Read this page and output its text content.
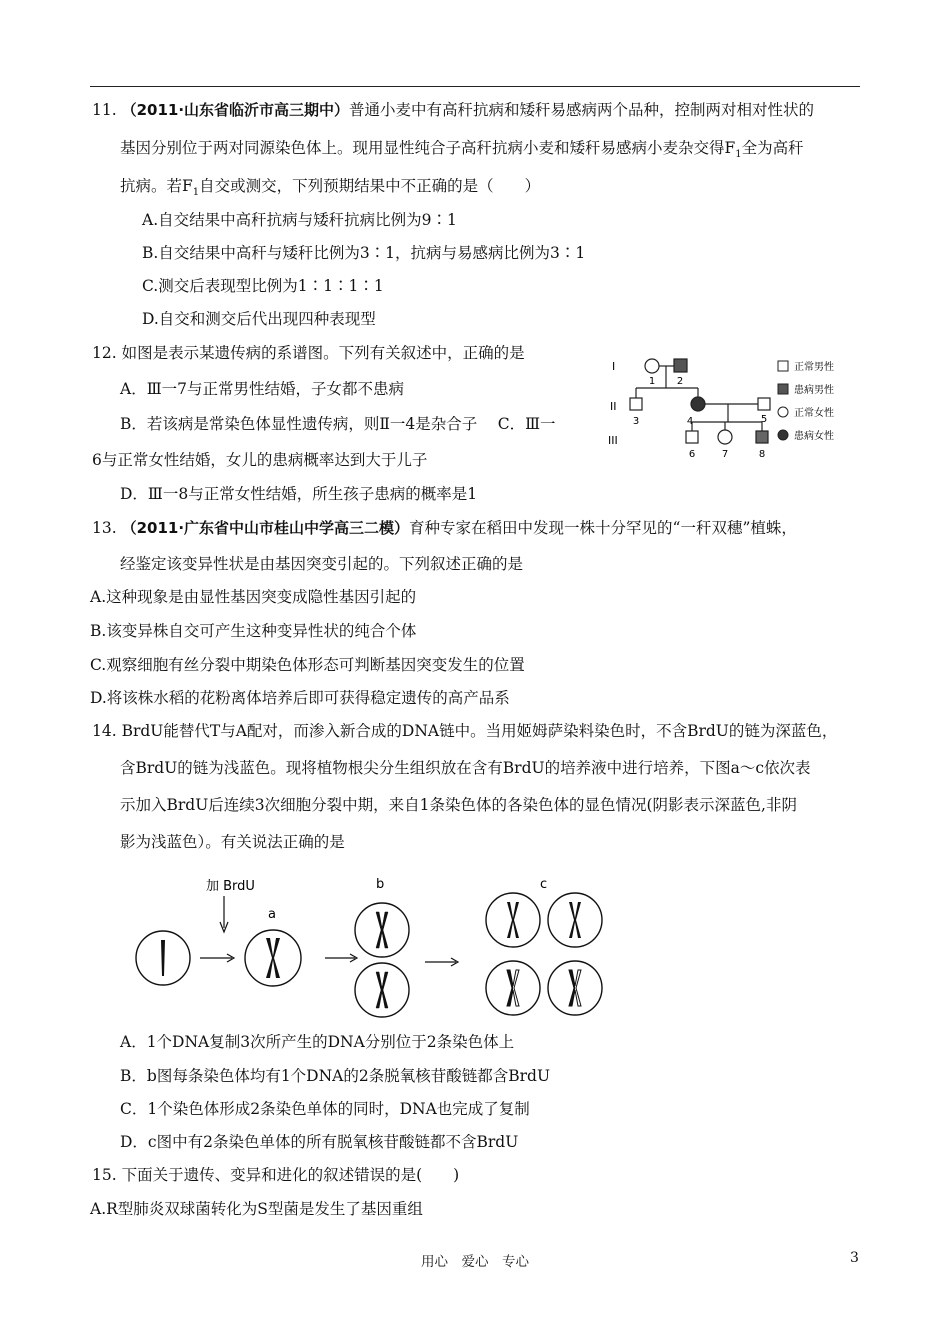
11. （2011·山东省临沂市高三期中）普通小麦中有高秆抗病和矮秆易感病两个品种，控制两对相对性状的
基因分别位于两对同源染色体上。现用显性纯合子高秆抗病小麦和矮秆易感病小麦杂交得$F_1$全为高秆
抗病。若$F_1$自交或测交，下列预期结果中不正确的是（　　）
A.自交结果中高秆抗病与矮秆抗病比例为9∶1
B.自交结果中高秆与矮秆比例为3∶1，抗病与易感病比例为3∶1
C.测交后表现型比例为1∶1∶1∶1
D.自交和测交后代出现四种表现型
12. 如图是表示某遗传病的系谱图。下列有关叙述中，正确的是
A．Ⅲ一7与正常男性结婚，子女都不患病
B．若该病是常染色体显性遗传病，则Ⅱ一4是杂合子　 C．Ⅲ一
6与正常女性结婚，女儿的患病概率达到大于儿子
D．Ⅲ一8与正常女性结婚，所生孩子患病的概率是1
I
II
III
1 2
3	4	5
6	7	8
正常男性
患病男性
正常女性
患病女性
13. （2011·广东省中山市桂山中学高三二模）育种专家在稻田中发现一株十分罕见的“一秆双穗”植蛛，
经鉴定该变异性状是由基因突变引起的。下列叙述正确的是
A.这种现象是由显性基因突变成隐性基因引起的
B.该变异株自交可产生这种变异性状的纯合个体
C.观察细胞有丝分裂中期染色体形态可判断基因突变发生的位置
D.将该株水稻的花粉离体培养后即可获得稳定遗传的高产品系
14. BrdU能替代T与A配对，而渗入新合成的DNA链中。当用姬姆萨染料染色时，不含BrdU的链为深蓝色，
含BrdU的链为浅蓝色。现将植物根尖分生组织放在含有BrdU的培养液中进行培养，下图a～c依次表
示加入BrdU后连续3次细胞分裂中期，来自1条染色体的各染色体的显色情况(阴影表示深蓝色,非阴
影为浅蓝色）。有关说法正确的是
加 BrdU
a
b	c
A．1个DNA复制3次所产生的DNA分别位于2条染色体上
B．b图每条染色体均有1个DNA的2条脱氧核苷酸链都含BrdU
C．1个染色体形成2条染色单体的同时，DNA也完成了复制
D．c图中有2条染色单体的所有脱氧核苷酸链都不含BrdU
15. 下面关于遗传、变异和进化的叙述错误的是(　　)
A.R型肺炎双球菌转化为S型菌是发生了基因重组
用心　爱心　专心	3
